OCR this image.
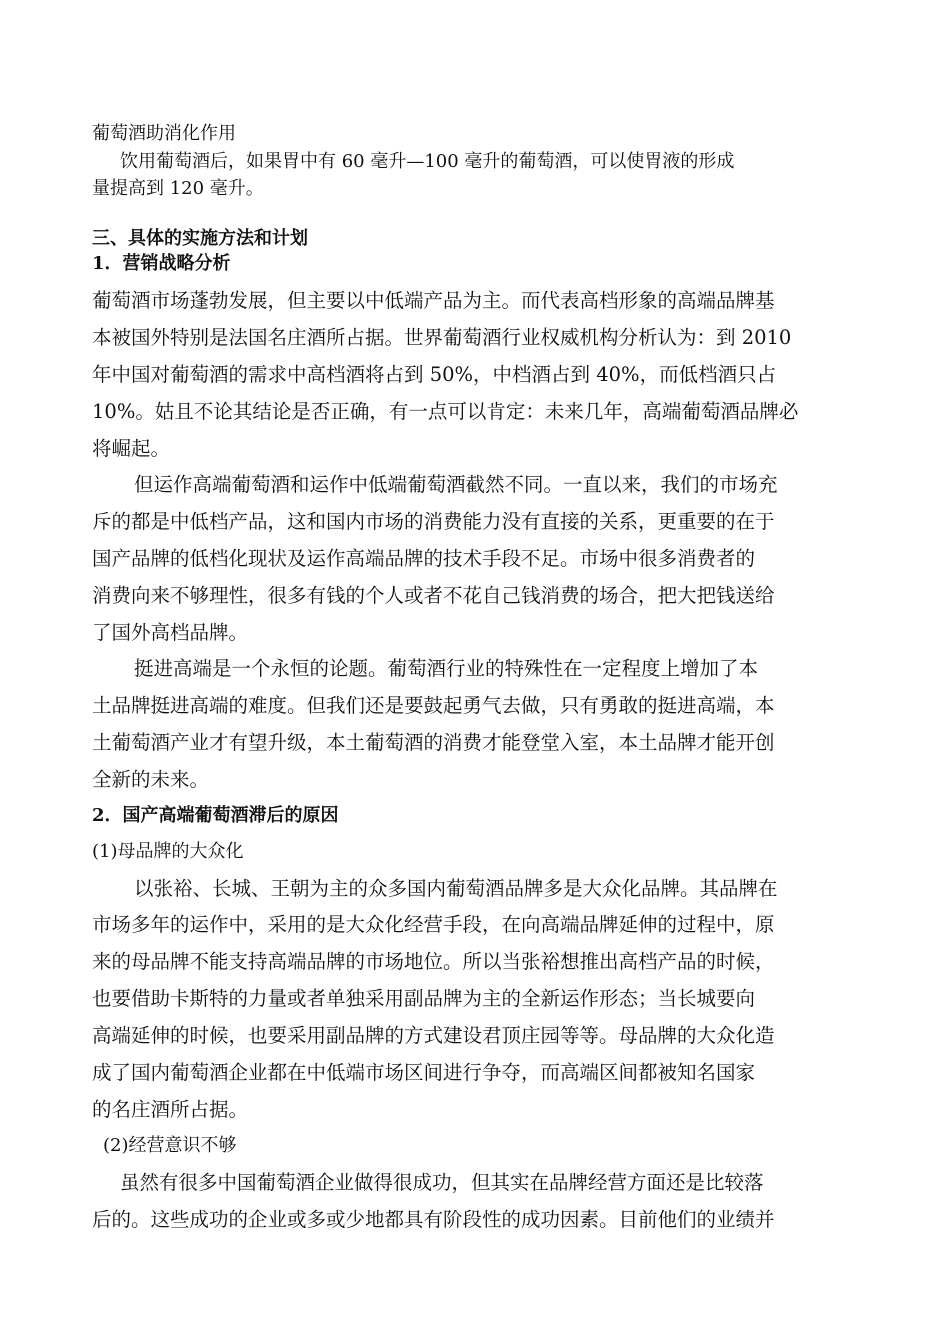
葡萄酒助消化作用
饮用葡萄酒后，如果胃中有 60 毫升—100 毫升的葡萄酒，可以使胃液的形成
量提高到 120 毫升。
三、具体的实施方法和计划
1．营销战略分析
葡萄酒市场蓬勃发展，但主要以中低端产品为主。而代表高档形象的高端品牌基
本被国外特别是法国名庄酒所占据。世界葡萄酒行业权威机构分析认为：到 2010
年中国对葡萄酒的需求中高档酒将占到 50%，中档酒占到 40%，而低档酒只占
10%。姑且不论其结论是否正确，有一点可以肯定：未来几年，高端葡萄酒品牌必
将崛起。
但运作高端葡萄酒和运作中低端葡萄酒截然不同。一直以来，我们的市场充
斥的都是中低档产品，这和国内市场的消费能力没有直接的关系，更重要的在于
国产品牌的低档化现状及运作高端品牌的技术手段不足。市场中很多消费者的
消费向来不够理性，很多有钱的个人或者不花自己钱消费的场合，把大把钱送给
了国外高档品牌。
挺进高端是一个永恒的论题。葡萄酒行业的特殊性在一定程度上增加了本
土品牌挺进高端的难度。但我们还是要鼓起勇气去做，只有勇敢的挺进高端，本
土葡萄酒产业才有望升级，本土葡萄酒的消费才能登堂入室，本土品牌才能开创
全新的未来。
2．国产高端葡萄酒滞后的原因
(1)母品牌的大众化
以张裕、长城、王朝为主的众多国内葡萄酒品牌多是大众化品牌。其品牌在
市场多年的运作中，采用的是大众化经营手段，在向高端品牌延伸的过程中，原
来的母品牌不能支持高端品牌的市场地位。所以当张裕想推出高档产品的时候，
也要借助卡斯特的力量或者单独采用副品牌为主的全新运作形态；当长城要向
高端延伸的时候，也要采用副品牌的方式建设君顶庄园等等。母品牌的大众化造
成了国内葡萄酒企业都在中低端市场区间进行争夺，而高端区间都被知名国家
的名庄酒所占据。
(2)经营意识不够
虽然有很多中国葡萄酒企业做得很成功，但其实在品牌经营方面还是比较落
后的。这些成功的企业或多或少地都具有阶段性的成功因素。目前他们的业绩并
